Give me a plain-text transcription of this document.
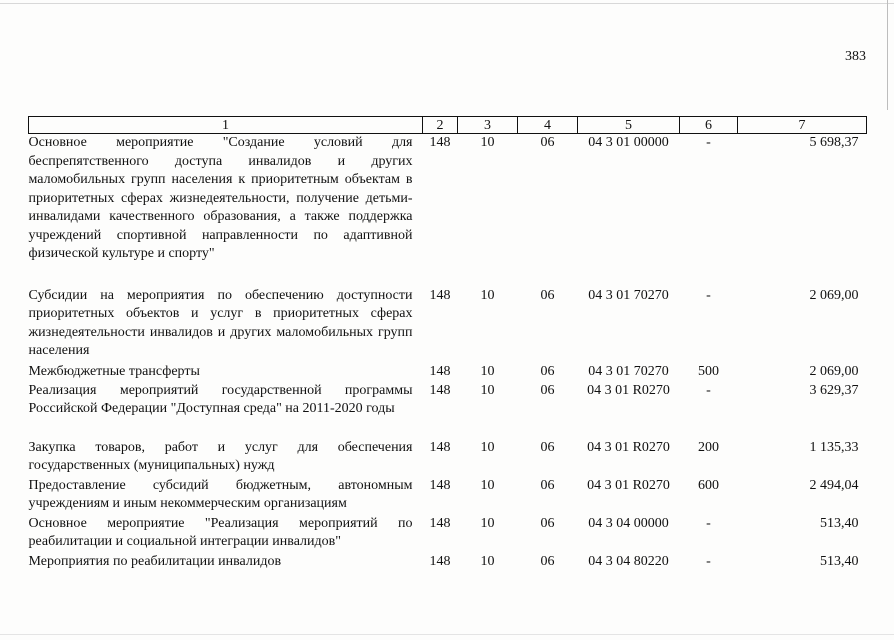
383
1	2	3	4	5	6	7
Основное мероприятие "Создание условий для беспрепятственного доступа инвалидов и других маломобильных групп населения к приоритетным объектам в приоритетных сферах жизнедеятельности, получение детьми-инвалидами качественного образования, а также поддержка учреждений спортивной направленности по адаптивной физической культуре и спорту"	148	10	06	04 3 01 00000	-	5 698,37
Субсидии на мероприятия по обеспечению доступности приоритетных объектов и услуг в приоритетных сферах жизнедеятельности инвалидов и других маломобильных групп населения	148	10	06	04 3 01 70270	-	2 069,00
Межбюджетные трансферты	148	10	06	04 3 01 70270	500	2 069,00
Реализация мероприятий государственной программы Российской Федерации "Доступная среда" на 2011-2020 годы	148	10	06	04 3 01 R0270	-	3 629,37
Закупка товаров, работ и услуг для обеспечения государственных (муниципальных) нужд	148	10	06	04 3 01 R0270	200	1 135,33
Предоставление субсидий бюджетным, автономным учреждениям и иным некоммерческим организациям	148	10	06	04 3 01 R0270	600	2 494,04
Основное мероприятие "Реализация мероприятий по реабилитации и социальной интеграции инвалидов"	148	10	06	04 3 04 00000	-	513,40
Мероприятия по реабилитации инвалидов	148	10	06	04 3 04 80220	-	513,40
